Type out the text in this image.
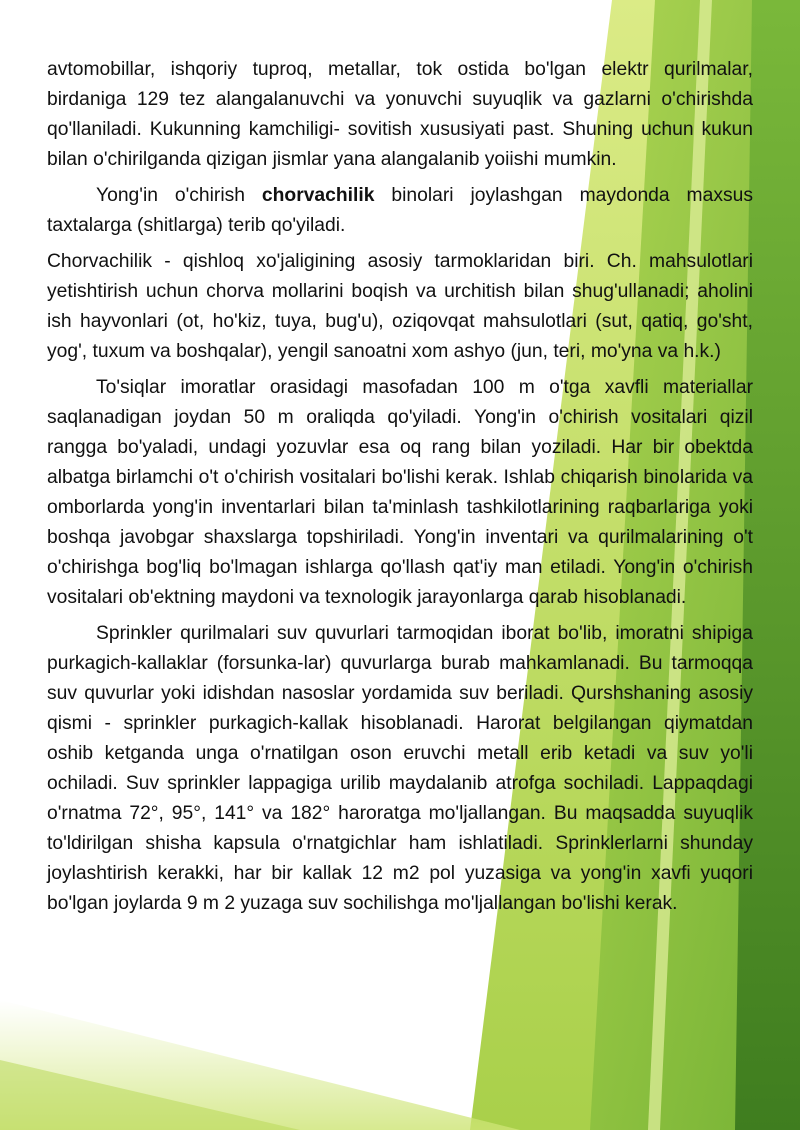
avtomobillar, ishqoriy tuproq, metallar, tok ostida bo'lgan elektr qurilmalar, birdaniga 129 tez alangalanuvchi va yonuvchi suyuqlik va gazlarni o'chirishda qo'llaniladi. Kukunning kamchiligi- sovitish xususiyati past. Shuning uchun kukun bilan o'chirilganda qizigan jismlar yana alangalanib yoiishi mumkin.

Yong'in o'chirish chorvachilik binolari joylashgan maydonda maxsus taxtalarga (shitlarga) terib qo'yiladi.

Chorvachilik - qishloq xo'jaligining asosiy tarmoklaridan biri. Ch. mahsulotlari yetishtirish uchun chorva mollarini boqish va urchitish bilan shug'ullanadi; aholini ish hayvonlari (ot, ho'kiz, tuya, bug'u), oziqovqat mahsulotlari (sut, qatiq, go'sht, yog', tuxum va boshqalar), yengil sanoatni xom ashyo (jun, teri, mo'yna va h.k.)

To'siqlar imoratlar orasidagi masofadan 100 m o'tga xavfli materiallar saqlanadigan joydan 50 m oraliqda qo'yiladi. Yong'in o'chirish vositalari qizil rangga bo'yaladi, undagi yozuvlar esa oq rang bilan yoziladi. Har bir obektda albatga birlamchi o't o'chirish vositalari bo'lishi kerak. Ishlab chiqarish binolarida va omborlarda yong'in inventarlari bilan ta'minlash tashkilotlarining raqbarlariga yoki boshqa javobgar shaxslarga topshiriladi. Yong'in inventari va qurilmalarining o't o'chirishga bog'liq bo'lmagan ishlarga qo'llash qat'iy man etiladi. Yong'in o'chirish vositalari ob'ektning maydoni va texnologik jarayonlarga qarab hisoblanadi.

Sprinkler qurilmalari suv quvurlari tarmoqidan iborat bo'lib, imoratni shipiga purkagich-kallaklar (forsunka-lar) quvurlarga burab mahkamlanadi. Bu tarmoqqa suv quvurlar yoki idishdan nasoslar yordamida suv beriladi. Qurshshaning asosiy qismi - sprinkler purkagich-kallak hisoblanadi. Harorat belgilangan qiymatdan oshib ketganda unga o'rnatilgan oson eruvchi metall erib ketadi va suv yo'li ochiladi. Suv sprinkler lappagiga urilib maydalanib atrofga sochiladi. Lappaqdagi o'rnatma 72°, 95°, 141° va 182° haroratga mo'ljallangan. Bu maqsadda suyuqlik to'ldirilgan shisha kapsula o'rnatgichlar ham ishlatiladi. Sprinklerlarni shunday joylashtirish kerakki, har bir kallak 12 m2 pol yuzasiga va yong'in xavfi yuqori bo'lgan joylarda 9 m 2 yuzaga suv sochilishga mo'ljallangan bo'lishi kerak.
